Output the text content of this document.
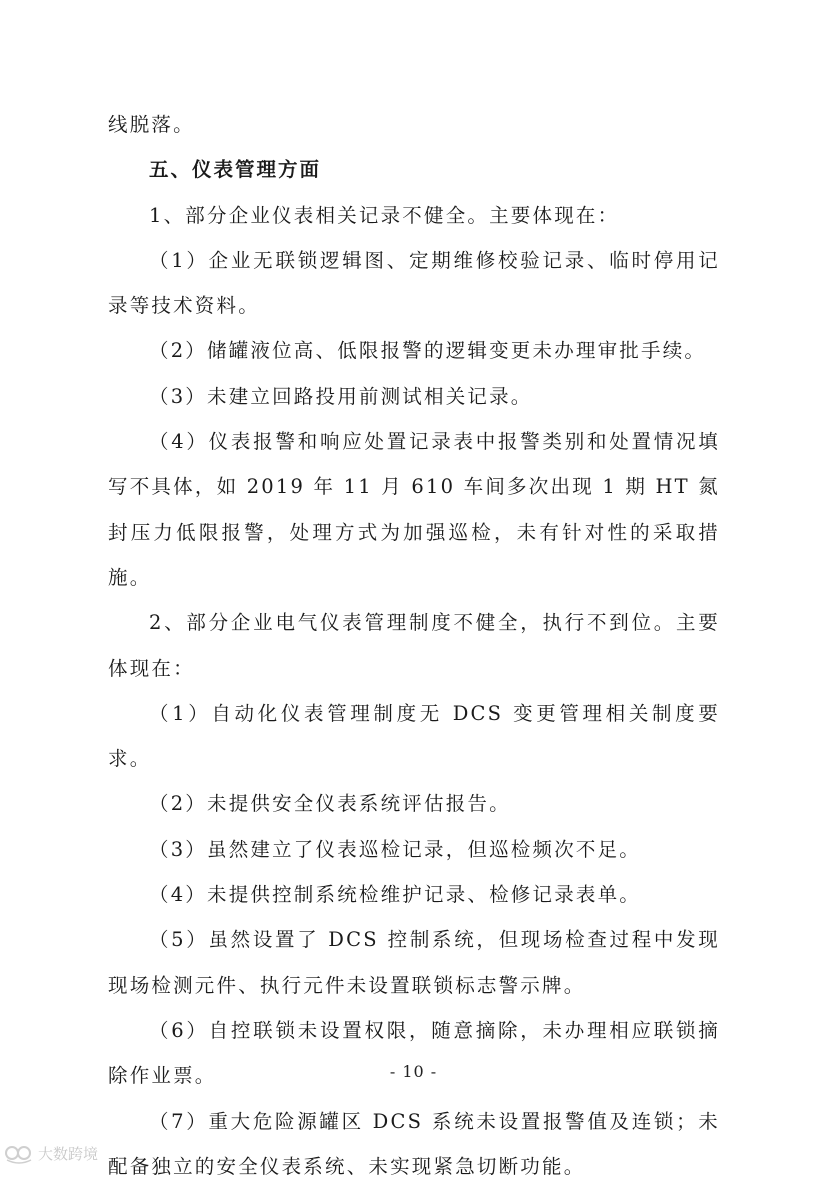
线脱落。

五、仪表管理方面

1、部分企业仪表相关记录不健全。主要体现在：

（1）企业无联锁逻辑图、定期维修校验记录、临时停用记录等技术资料。

（2）储罐液位高、低限报警的逻辑变更未办理审批手续。

（3）未建立回路投用前测试相关记录。

（4）仪表报警和响应处置记录表中报警类别和处置情况填写不具体，如 2019 年 11 月 610 车间多次出现 1 期 HT 氮封压力低限报警，处理方式为加强巡检，未有针对性的采取措施。

2、部分企业电气仪表管理制度不健全，执行不到位。主要体现在：

（1）自动化仪表管理制度无 DCS 变更管理相关制度要求。

（2）未提供安全仪表系统评估报告。

（3）虽然建立了仪表巡检记录，但巡检频次不足。

（4）未提供控制系统检维护记录、检修记录表单。

（5）虽然设置了 DCS 控制系统，但现场检查过程中发现现场检测元件、执行元件未设置联锁标志警示牌。

（6）自控联锁未设置权限，随意摘除，未办理相应联锁摘除作业票。

（7）重大危险源罐区 DCS 系统未设置报警值及连锁；未配备独立的安全仪表系统、未实现紧急切断功能。

- 10 -
大数跨境
